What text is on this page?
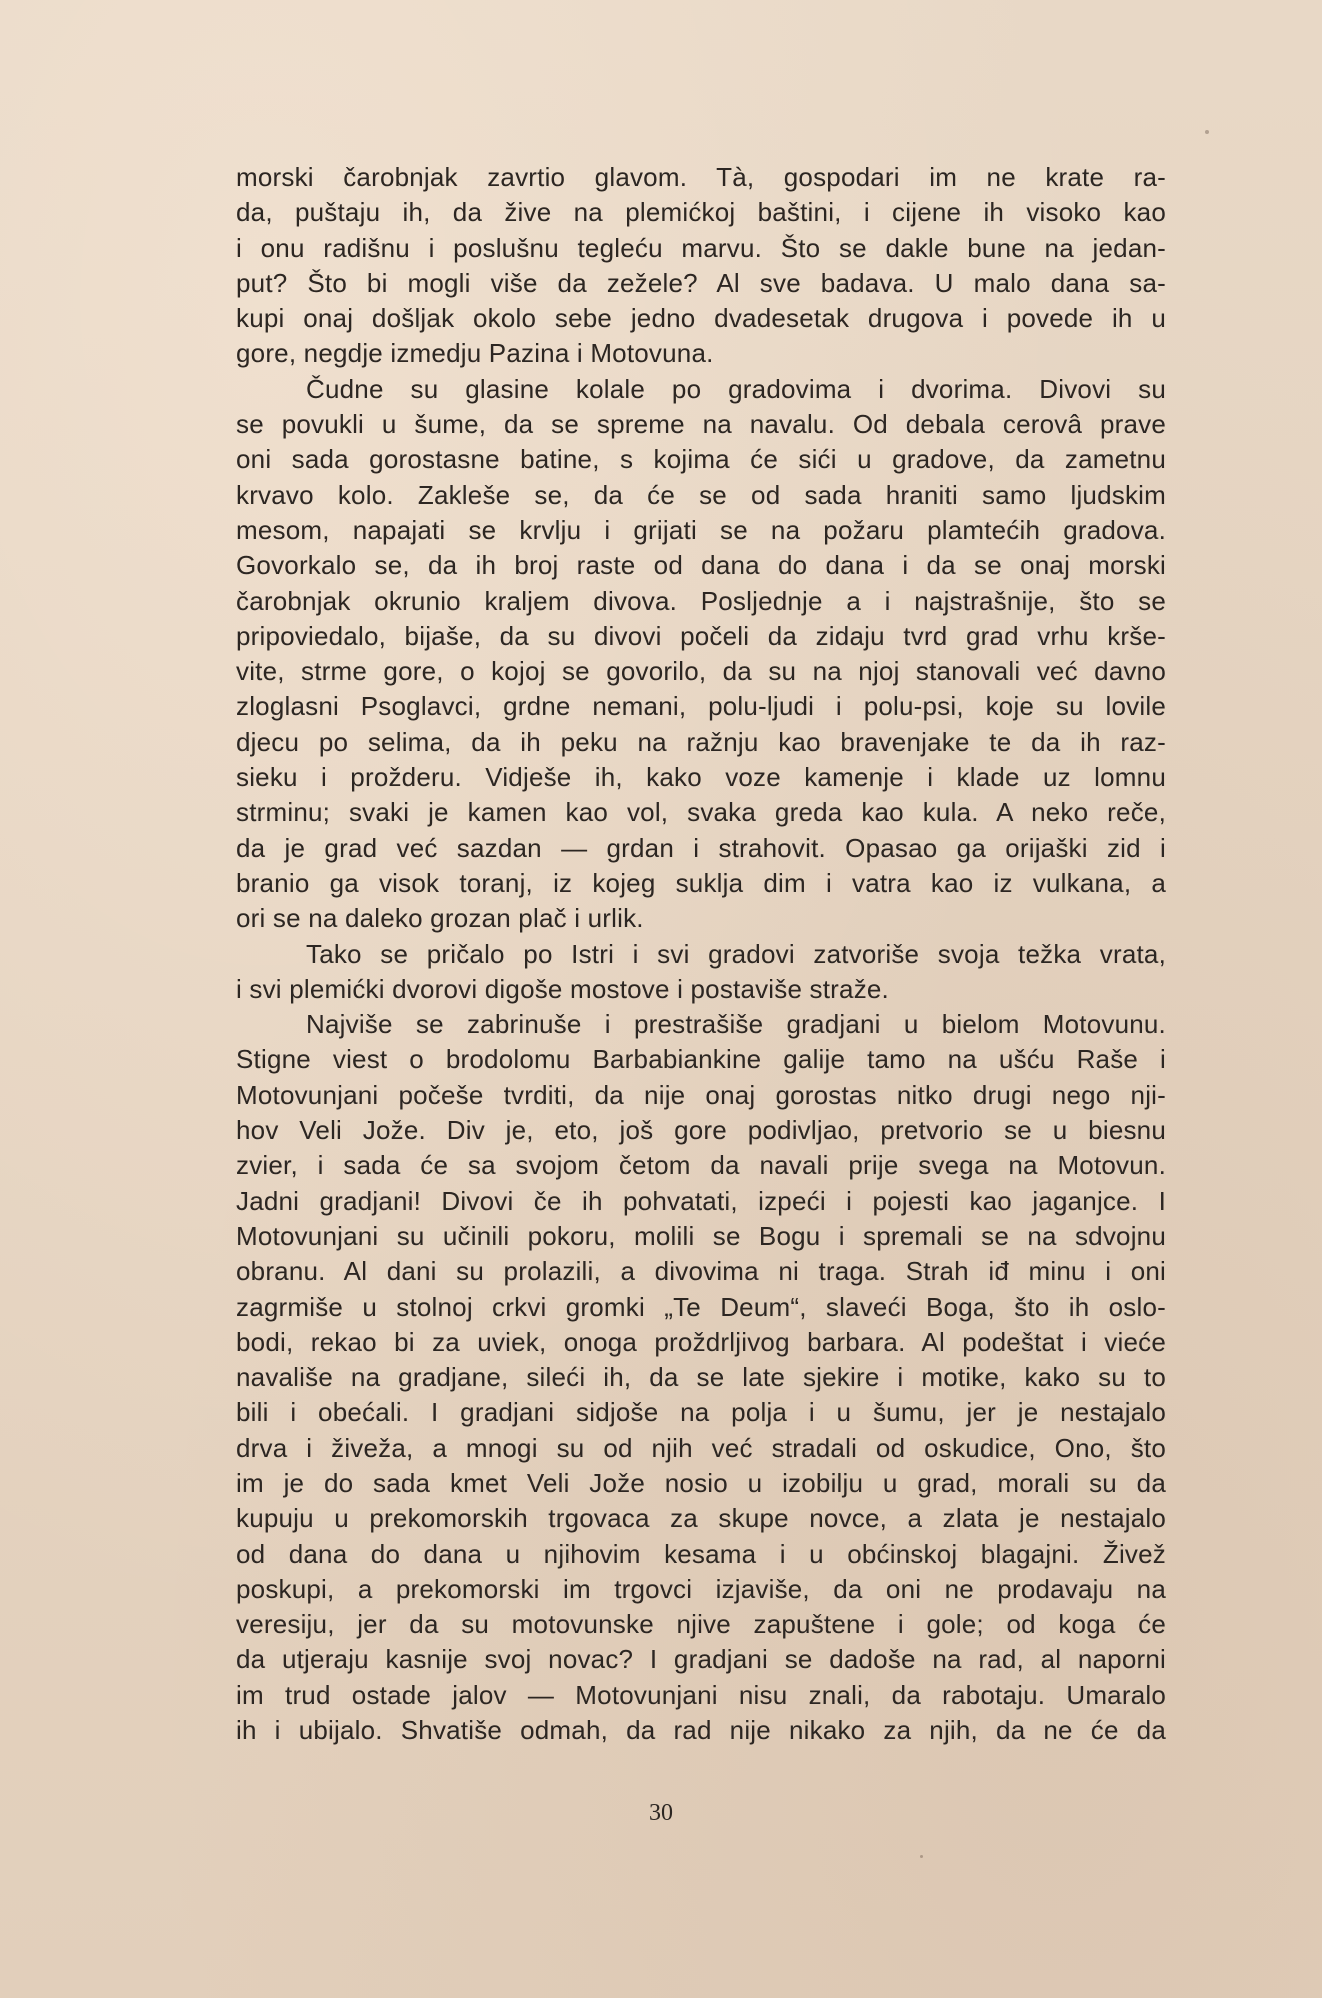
morski čarobnjak zavrtio glavom. Tà, gospodari im ne krate ra-
da, puštaju ih, da žive na plemićkoj baštini, i cijene ih visoko kao
i onu radišnu i poslušnu tegleću marvu. Što se dakle bune na jedan-
put? Što bi mogli više da zežele? Al sve badava. U malo dana sa-
kupi onaj došljak okolo sebe jedno dvadesetak drugova i povede ih u
gore, negdje izmedju Pazina i Motovuna.
Čudne su glasine kolale po gradovima i dvorima. Divovi su
se povukli u šume, da se spreme na navalu. Od debala cerovâ prave
oni sada gorostasne batine, s kojima će sići u gradove, da zametnu
krvavo kolo. Zakleše se, da će se od sada hraniti samo ljudskim
mesom, napajati se krvlju i grijati se na požaru plamtećih gradova.
Govorkalo se, da ih broj raste od dana do dana i da se onaj morski
čarobnjak okrunio kraljem divova. Posljednje a i najstrašnije, što se
pripoviedalo, bijaše, da su divovi počeli da zidaju tvrd grad vrhu krše-
vite, strme gore, o kojoj se govorilo, da su na njoj stanovali već davno
zloglasni Psoglavci, grdne nemani, polu-ljudi i polu-psi, koje su lovile
djecu po selima, da ih peku na ražnju kao bravenjake te da ih raz-
sieku i prožderu. Vidješe ih, kako voze kamenje i klade uz lomnu
strminu; svaki je kamen kao vol, svaka greda kao kula. A neko reče,
da je grad već sazdan — grdan i strahovit. Opasao ga orijaški zid i
branio ga visok toranj, iz kojeg suklja dim i vatra kao iz vulkana, a
ori se na daleko grozan plač i urlik.
Tako se pričalo po Istri i svi gradovi zatvoriše svoja težka vrata,
i svi plemićki dvorovi digoše mostove i postaviše straže.
Najviše se zabrinuše i prestrašiše gradjani u bielom Motovunu.
Stigne viest o brodolomu Barbabiankine galije tamo na ušću Raše i
Motovunjani počeše tvrditi, da nije onaj gorostas nitko drugi nego nji-
hov Veli Jože. Div je, eto, još gore podivljao, pretvorio se u biesnu
zvier, i sada će sa svojom četom da navali prije svega na Motovun.
Jadni gradjani! Divovi če ih pohvatati, izpeći i pojesti kao jaganjce. I
Motovunjani su učinili pokoru, molili se Bogu i spremali se na sdvojnu
obranu. Al dani su prolazili, a divovima ni traga. Strah iđ minu i oni
zagrmiše u stolnoj crkvi gromki „Te Deum“, slaveći Boga, što ih oslo-
bodi, rekao bi za uviek, onoga proždrljivog barbara. Al podeštat i vieće
navališe na gradjane, sileći ih, da se late sjekire i motike, kako su to
bili i obećali. I gradjani sidjoše na polja i u šumu, jer je nestajalo
drva i živeža, a mnogi su od njih već stradali od oskudice, Ono, što
im je do sada kmet Veli Jože nosio u izobilju u grad, morali su da
kupuju u prekomorskih trgovaca za skupe novce, a zlata je nestajalo
od dana do dana u njihovim kesama i u obćinskoj blagajni. Živež
poskupi, a prekomorski im trgovci izjaviše, da oni ne prodavaju na
veresiju, jer da su motovunske njive zapuštene i gole; od koga će
da utjeraju kasnije svoj novac? I gradjani se dadoše na rad, al naporni
im trud ostade jalov — Motovunjani nisu znali, da rabotaju. Umaralo
ih i ubijalo. Shvatiše odmah, da rad nije nikako za njih, da ne će da
30
